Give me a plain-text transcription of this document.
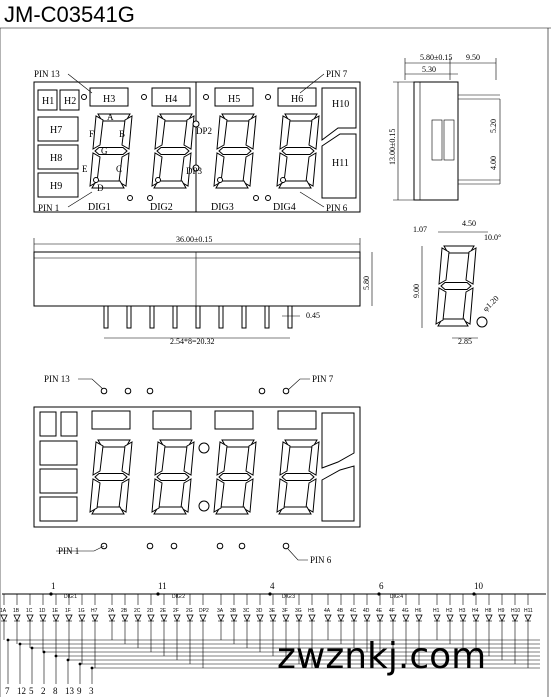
JM-C03541G
H1 H2	H3	H4	H5	H6
H7
H8
H9
H10
H11
A
B
C
D
E
F
G
DP2
DP3
DIG1	DIG2	DIG3	DIG4
PIN 13	PIN 7
PIN 1	PIN 6
5.80±0.15 9.50
5.30
13.00±0.15
5.20
4.00
36.00±0.15
5.80
0.45
2.54*8=20.32
1.07
4.50
10.0°
9.00
φ1.20
2.85
PIN 13	PIN 7
PIN 1
PIN 6
1	11	4	6	10
DIG:1	DIG:2	DIG:3	DIG:4
1A 1B 1C 1D 1E 1F 1G H7 2A 2B 2C 2D 2E 2F 2G DP2 3A 3B 3C 3D 3E 3F 3G H5 4A 4B 4C 4D 4E 4F 4G H6 H1 H2 H3 H4 H8 H9 H10 H11
7 12 5 2 8 13 9 3
zwznkj.com
